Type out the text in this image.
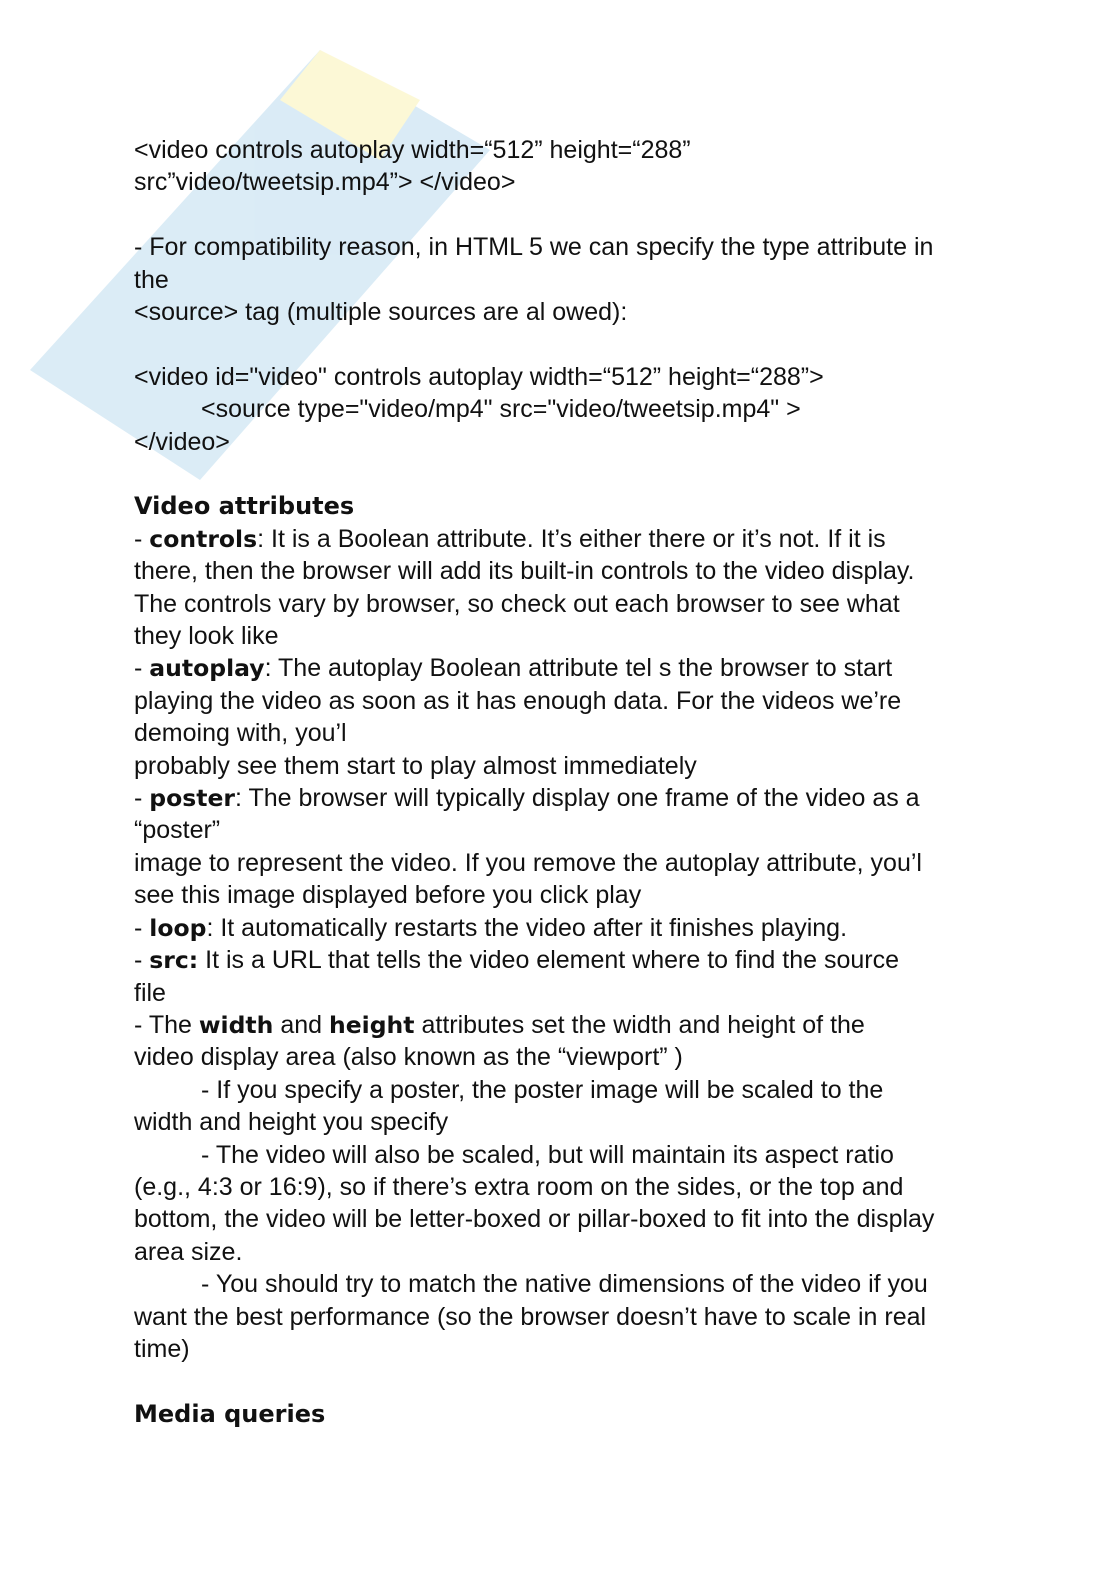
<video controls autoplay width=“512” height=“288”
src”video/tweetsip.mp4”> </video>
- For compatibility reason, in HTML 5 we can specify the type attribute in
the
<source> tag (multiple sources are al owed):
<video id="video" controls autoplay width=“512” height=“288”>
<source type="video/mp4" src="video/tweetsip.mp4" >
</video>
Video attributes
- controls: It is a Boolean attribute. It’s either there or it’s not. If it is
there, then the browser will add its built-in controls to the video display.
The controls vary by browser, so check out each browser to see what
they look like
- autoplay: The autoplay Boolean attribute tel s the browser to start
playing the video as soon as it has enough data. For the videos we’re
demoing with, you’l
probably see them start to play almost immediately
- poster: The browser will typically display one frame of the video as a
“poster”
image to represent the video. If you remove the autoplay attribute, you’l
see this image displayed before you click play
- loop: It automatically restarts the video after it finishes playing.
- src: It is a URL that tells the video element where to find the source
file
- The width and height attributes set the width and height of the
video display area (also known as the “viewport” )
- If you specify a poster, the poster image will be scaled to the
width and height you specify
- The video will also be scaled, but will maintain its aspect ratio
(e.g., 4:3 or 16:9), so if there’s extra room on the sides, or the top and
bottom, the video will be letter-boxed or pillar-boxed to fit into the display
area size.
- You should try to match the native dimensions of the video if you
want the best performance (so the browser doesn’t have to scale in real
time)
Media queries
